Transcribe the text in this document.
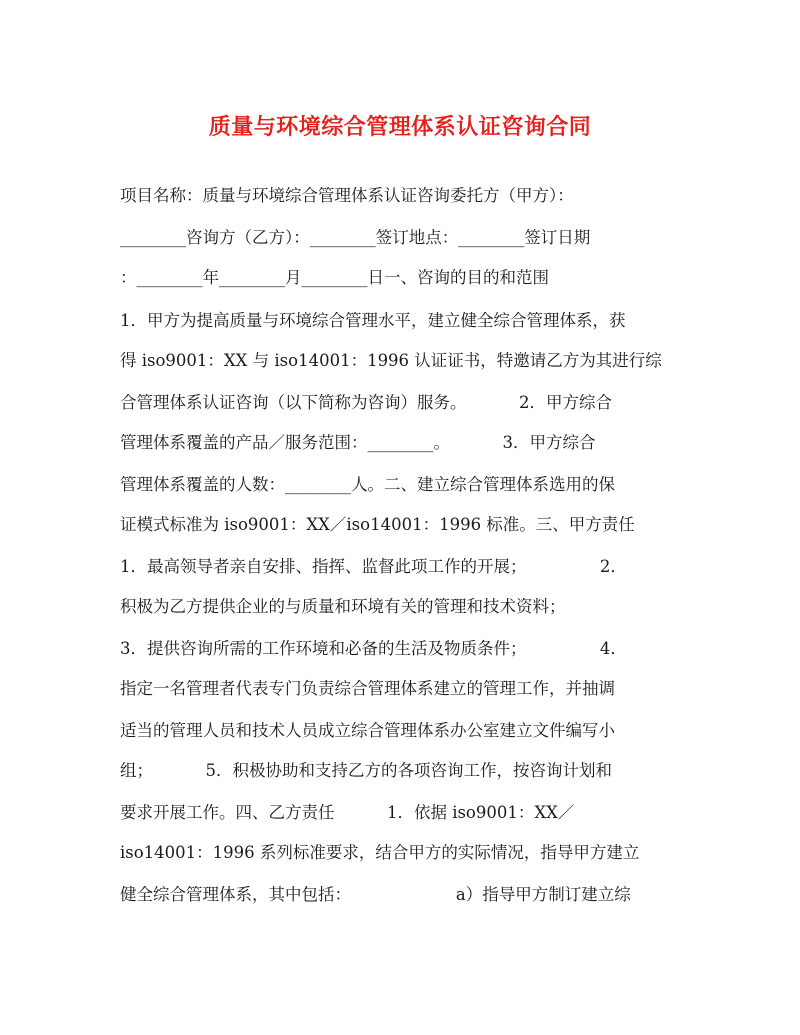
质量与环境综合管理体系认证咨询合同
项目名称：质量与环境综合管理体系认证咨询委托方（甲方）：
________咨询方（乙方）：________签订地点：________签订日期
：________年________月________日一、咨询的目的和范围
1．甲方为提高质量与环境综合管理水平，建立健全综合管理体系，获
得 iso9001：XX 与 iso14001：1996 认证证书，特邀请乙方为其进行综
合管理体系认证咨询（以下简称为咨询）服务。          2．甲方综合
管理体系覆盖的产品／服务范围：________。          3．甲方综合
管理体系覆盖的人数：________人。二、建立综合管理体系选用的保
证模式标准为 iso9001：XX／iso14001：1996 标准。三、甲方责任
1．最高领导者亲自安排、指挥、监督此项工作的开展；              2．
积极为乙方提供企业的与质量和环境有关的管理和技术资料；
3．提供咨询所需的工作环境和必备的生活及物质条件；              4．
指定一名管理者代表专门负责综合管理体系建立的管理工作，并抽调
适当的管理人员和技术人员成立综合管理体系办公室建立文件编写小
组；          5．积极协助和支持乙方的各项咨询工作，按咨询计划和
要求开展工作。四、乙方责任          1．依据 iso9001：XX／
iso14001：1996 系列标准要求，结合甲方的实际情况，指导甲方建立
健全综合管理体系，其中包括：                    a）指导甲方制订建立综
